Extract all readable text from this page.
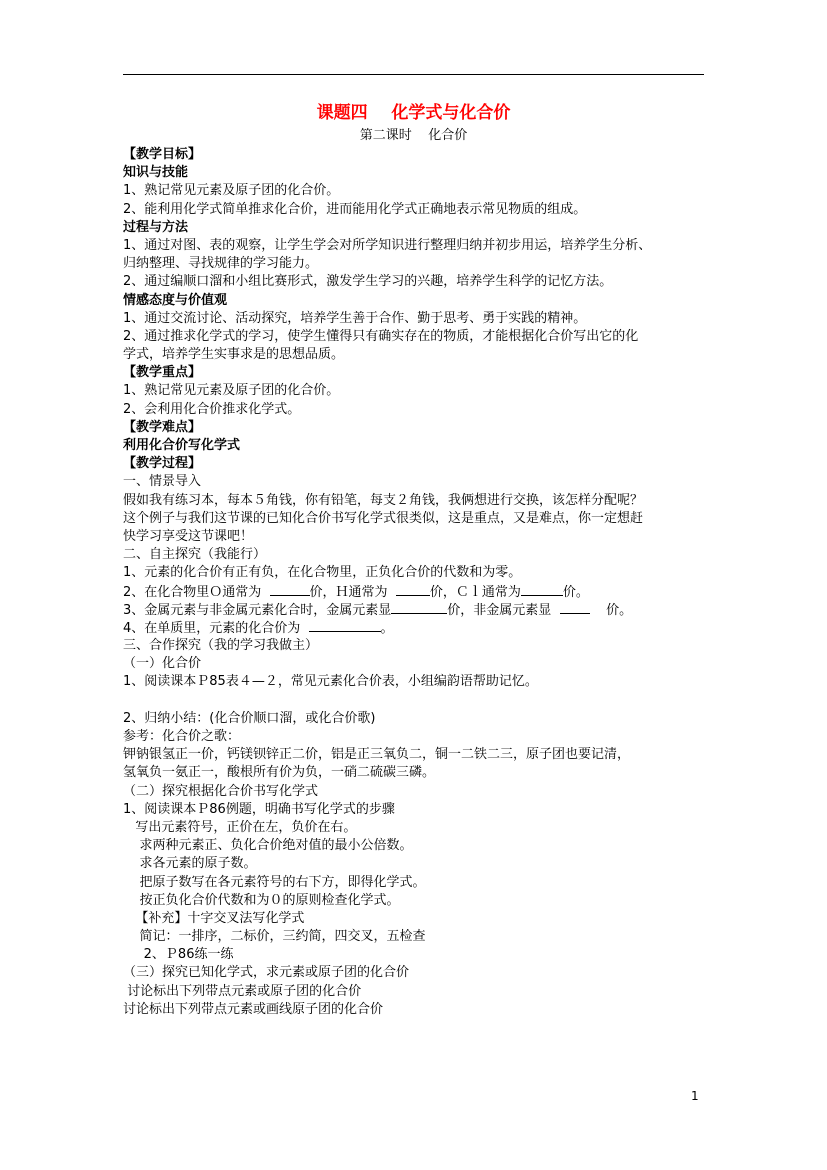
课题四    化学式与化合价
第二课时    化合价
【教学目标】
知识与技能
1、熟记常见元素及原子团的化合价。
2、能利用化学式简单推求化合价，进而能用化学式正确地表示常见物质的组成。
过程与方法
1、通过对图、表的观察，让学生学会对所学知识进行整理归纳并初步用运，培养学生分析、
归纳整理、寻找规律的学习能力。
2、通过编顺口溜和小组比赛形式，激发学生学习的兴趣，培养学生科学的记忆方法。
情感态度与价值观
1、通过交流讨论、活动探究，培养学生善于合作、勤于思考、勇于实践的精神。
2、通过推求化学式的学习，使学生懂得只有确实存在的物质，才能根据化合价写出它的化
学式，培养学生实事求是的思想品质。
【教学重点】
1、熟记常见元素及原子团的化合价。
2、会利用化合价推求化学式。
【教学难点】
利用化合价写化学式
【教学过程】
一、情景导入
假如我有练习本，每本５角钱，你有铅笔，每支２角钱，我俩想进行交换，该怎样分配呢？
这个例子与我们这节课的已知化合价书写化学式很类似，这是重点，又是难点，你一定想赶
快学习享受这节课吧！
二、自主探究（我能行）
1、元素的化合价有正有负，在化合物里，正负化合价的代数和为零。
2、在化合物里Ｏ通常为	价，Ｈ通常为	价，Ｃｌ通常为	价。
3、金属元素与非金属元素化合时，金属元素显	价，非金属元素显      价。
4、在单质里，元素的化合价为	。
三、合作探究（我的学习我做主）
（一）化合价
1、阅读课本Ｐ85表４—２，常见元素化合价表，小组编韵语帮助记忆。
2、归纳小结：(化合价顺口溜，或化合价歌)
参考：化合价之歌：
钾钠银氢正一价，钙镁钡锌正二价，铝是正三氧负二，铜一二铁二三，原子团也要记清，
氢氧负一氨正一，酸根所有价为负，一硝二硫碳三磷。
（二）探究根据化合价书写化学式
1、阅读课本Ｐ86例题，明确书写化学式的步骤
写出元素符号，正价在左，负价在右。
求两种元素正、负化合价绝对值的最小公倍数。
求各元素的原子数。
把原子数写在各元素符号的右下方，即得化学式。
按正负化合价代数和为０的原则检查化学式。
【补充】十字交叉法写化学式
简记：一排序，二标价，三约简，四交叉，五检查
2、Ｐ86练一练
（三）探究已知化学式，求元素或原子团的化合价
讨论标出下列带点元素或原子团的化合价
讨论标出下列带点元素或画线原子团的化合价
1
